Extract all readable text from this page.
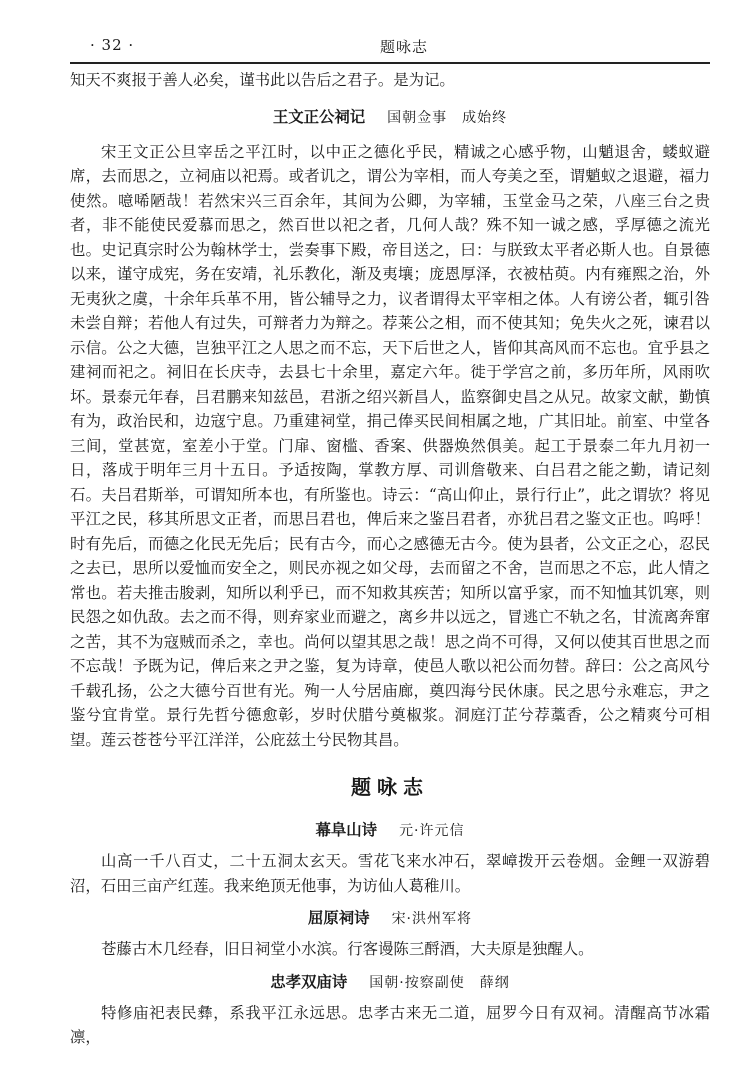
· 32 ·	题咏志

知天不爽报于善人必矣，谨书此以告后之君子。是为记。

王文正公祠记 国朝佥事　成始终

宋王文正公旦宰岳之平江时，以中正之德化乎民，精诚之心感乎物，山魈退舍，蝼蚁避席，去而思之，立祠庙以祀焉。或者讥之，谓公为宰相，而人夸美之至，谓魈蚁之退避，福力使然。噫唏陋哉！若然宋兴三百余年，其间为公卿，为宰辅，玉堂金马之荣，八座三台之贵者，非不能使民爱慕而思之，然百世以祀之者，几何人哉？殊不知一诚之感，孚厚德之流光也。史记真宗时公为翰林学士，尝奏事下殿，帝目送之，曰：与朕致太平者必斯人也。自景德以来，谨守成宪，务在安靖，礼乐教化，渐及夷壤；庞恩厚泽，衣被枯萸。内有雍熙之治，外无夷狄之虞，十余年兵革不用，皆公辅导之力，议者谓得太平宰相之体。人有谤公者，辄引咎未尝自辩；若他人有过失，可辩者力为辩之。荐莱公之相，而不使其知；免失火之死，谏君以示信。公之大德，岂独平江之人思之而不忘，天下后世之人，皆仰其高风而不忘也。宜乎县之建祠而祀之。祠旧在长庆寺，去县七十余里，嘉定六年。徙于学宫之前，多历年所，风雨吹坏。景泰元年春，吕君鹏来知兹邑，君浙之绍兴新昌人，监察御史昌之从兄。故家文献，勤慎有为，政治民和，边寇宁息。乃重建祠堂，捐己俸买民间相属之地，广其旧址。前室、中堂各三间，堂甚宽，室差小于堂。门扉、窗槛、香案、供器焕然俱美。起工于景泰二年九月初一日，落成于明年三月十五日。予适按陶，掌教方厚、司训詹敬来、白吕君之能之勤，请记刻石。夫吕君斯举，可谓知所本也，有所鉴也。诗云：“高山仰止，景行行止”，此之谓欤？将见平江之民，移其所思文正者，而思吕君也，俾后来之鉴吕君者，亦犹吕君之鉴文正也。呜呼！时有先后，而德之化民无先后；民有古今，而心之感德无古今。使为县者，公文正之心，忍民之去已，思所以爱恤而安全之，则民亦视之如父母，去而留之不舍，岂而思之不忘，此人情之常也。若夫推击朘剥，知所以利乎已，而不知救其疾苦；知所以富乎家，而不知恤其饥寒，则民怨之如仇敌。去之而不得，则弃家业而避之，离乡井以远之，冒逃亡不轨之名，甘流离奔窜之苦，其不为寇贼而杀之，幸也。尚何以望其思之哉！思之尚不可得，又何以使其百世思之而不忘哉！予既为记，俾后来之尹之鉴，复为诗章，使邑人歌以祀公而勿替。辞曰：公之高风兮千载孔扬，公之大德兮百世有光。殉一人兮居庙廊，奠四海兮民休康。民之思兮永难忘，尹之鉴兮宜肯堂。景行先哲兮德愈彰，岁时伏腊兮奠椒浆。洞庭汀芷兮荐藁香，公之精爽兮可相望。莲云苍苍兮平江洋洋，公庇兹土兮民物其昌。

题咏志
幕阜山诗 元·许元信

山高一千八百丈，二十五洞太玄天。雪花飞来水冲石，翠嶂拨开云卷烟。金鲤一双游碧沼，石田三亩产红莲。我来绝顶无他事，为访仙人葛稚川。

屈原祠诗 宋·洪州军将

苍藤古木几经春，旧日祠堂小水滨。行客谩陈三酹酒，大夫原是独醒人。

忠孝双庙诗 国朝·按察副使　薛纲

特修庙祀表民彝，系我平江永远思。忠孝古来无二道，屈罗今日有双祠。清醒高节冰霜凛，
